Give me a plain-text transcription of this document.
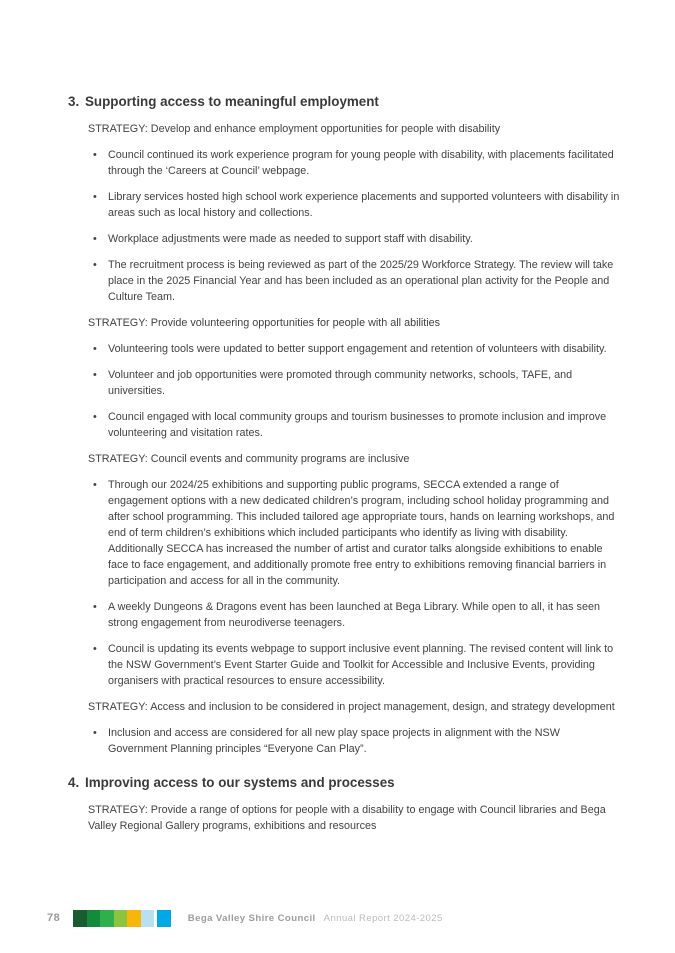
3. Supporting access to meaningful employment

STRATEGY: Develop and enhance employment opportunities for people with disability

• Council continued its work experience program for young people with disability, with placements facilitated through the ‘Careers at Council’ webpage.
• Library services hosted high school work experience placements and supported volunteers with disability in areas such as local history and collections.
• Workplace adjustments were made as needed to support staff with disability.
• The recruitment process is being reviewed as part of the 2025/29 Workforce Strategy. The review will take place in the 2025 Financial Year and has been included as an operational plan activity for the People and Culture Team.

STRATEGY: Provide volunteering opportunities for people with all abilities

• Volunteering tools were updated to better support engagement and retention of volunteers with disability.
• Volunteer and job opportunities were promoted through community networks, schools, TAFE, and universities.
• Council engaged with local community groups and tourism businesses to promote inclusion and improve volunteering and visitation rates.

STRATEGY: Council events and community programs are inclusive

• Through our 2024/25 exhibitions and supporting public programs, SECCA extended a range of engagement options with a new dedicated children’s program, including school holiday programming and after school programming. This included tailored age appropriate tours, hands on learning workshops, and end of term children’s exhibitions which included participants who identify as living with disability. Additionally SECCA has increased the number of artist and curator talks alongside exhibitions to enable face to face engagement, and additionally promote free entry to exhibitions removing financial barriers in participation and access for all in the community.
• A weekly Dungeons & Dragons event has been launched at Bega Library. While open to all, it has seen strong engagement from neurodiverse teenagers.
• Council is updating its events webpage to support inclusive event planning. The revised content will link to the NSW Government’s Event Starter Guide and Toolkit for Accessible and Inclusive Events, providing organisers with practical resources to ensure accessibility.

STRATEGY: Access and inclusion to be considered in project management, design, and strategy development

• Inclusion and access are considered for all new play space projects in alignment with the NSW Government Planning principles “Everyone Can Play”.
4. Improving access to our systems and processes

STRATEGY: Provide a range of options for people with a disability to engage with Council libraries and Bega Valley Regional Gallery programs, exhibitions and resources

78	Bega Valley Shire Council Annual Report 2024-2025
